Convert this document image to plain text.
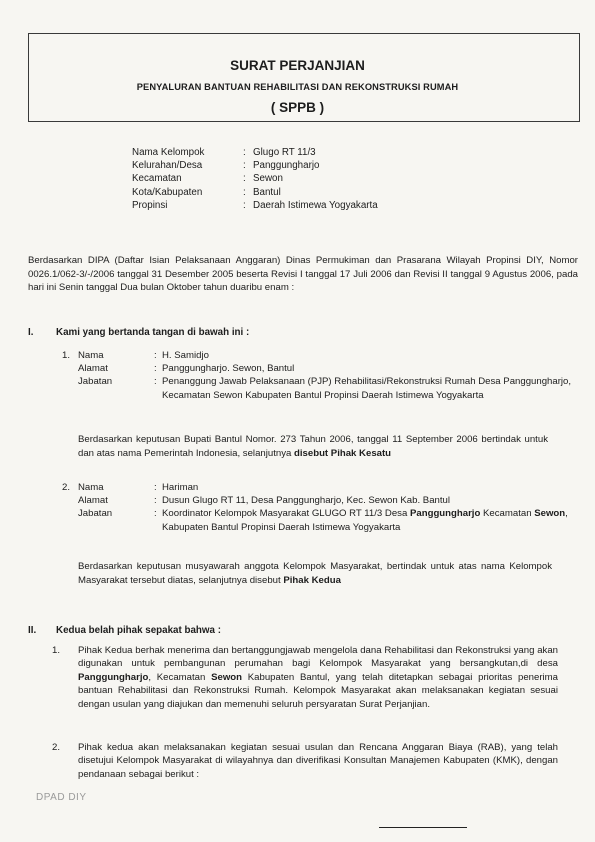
SURAT PERJANJIAN
PENYALURAN BANTUAN REHABILITASI DAN REKONSTRUKSI RUMAH
( SPPB )
Nama Kelompok	: Glugo RT 11/3
Kelurahan/Desa	: Panggungharjo
Kecamatan	: Sewon
Kota/Kabupaten	: Bantul
Propinsi	: Daerah Istimewa Yogyakarta
Berdasarkan DIPA (Daftar Isian Pelaksanaan Anggaran) Dinas Permukiman dan Prasarana Wilayah Propinsi DIY, Nomor 0026.1/062-3/-/2006 tanggal 31 Desember 2005 beserta Revisi I tanggal 17 Juli 2006 dan Revisi II tanggal 9 Agustus 2006, pada hari ini Senin tanggal Dua bulan Oktober tahun duaribu enam :
I. Kami yang bertanda tangan di bawah ini :
1. Nama	: H. Samidjo
Alamat	: Panggungharjo. Sewon, Bantul
Jabatan	: Penanggung Jawab Pelaksanaan (PJP) Rehabilitasi/Rekonstruksi Rumah Desa Panggungharjo, Kecamatan Sewon Kabupaten Bantul Propinsi Daerah Istimewa Yogyakarta
Berdasarkan keputusan Bupati Bantul Nomor. 273 Tahun 2006, tanggal 11 September 2006 bertindak untuk dan atas nama Pemerintah Indonesia, selanjutnya disebut Pihak Kesatu
2. Nama	: Hariman
Alamat	: Dusun Glugo RT 11, Desa Panggungharjo, Kec. Sewon Kab. Bantul
Jabatan	: Koordinator Kelompok Masyarakat GLUGO RT 11/3 Desa Panggungharjo Kecamatan Sewon, Kabupaten Bantul Propinsi Daerah Istimewa Yogyakarta
Berdasarkan keputusan musyawarah anggota Kelompok Masyarakat, bertindak untuk atas nama Kelompok Masyarakat tersebut diatas, selanjutnya disebut Pihak Kedua
II. Kedua belah pihak sepakat bahwa :
1. Pihak Kedua berhak menerima dan bertanggungjawab mengelola dana Rehabilitasi dan Rekonstruksi yang akan digunakan untuk pembangunan perumahan bagi Kelompok Masyarakat yang bersangkutan,di desa Panggungharjo, Kecamatan Sewon Kabupaten Bantul, yang telah ditetapkan sebagai prioritas penerima bantuan Rehabilitasi dan Rekonstruksi Rumah. Kelompok Masyarakat akan melaksanakan kegiatan sesuai dengan usulan yang diajukan dan memenuhi seluruh persyaratan Surat Perjanjian.
2. Pihak kedua akan melaksanakan kegiatan sesuai usulan dan Rencana Anggaran Biaya (RAB), yang telah disetujui Kelompok Masyarakat di wilayahnya dan diverifikasi Konsultan Manajemen Kabupaten (KMK), dengan pendanaan sebagai berikut :
DPAD DIY
